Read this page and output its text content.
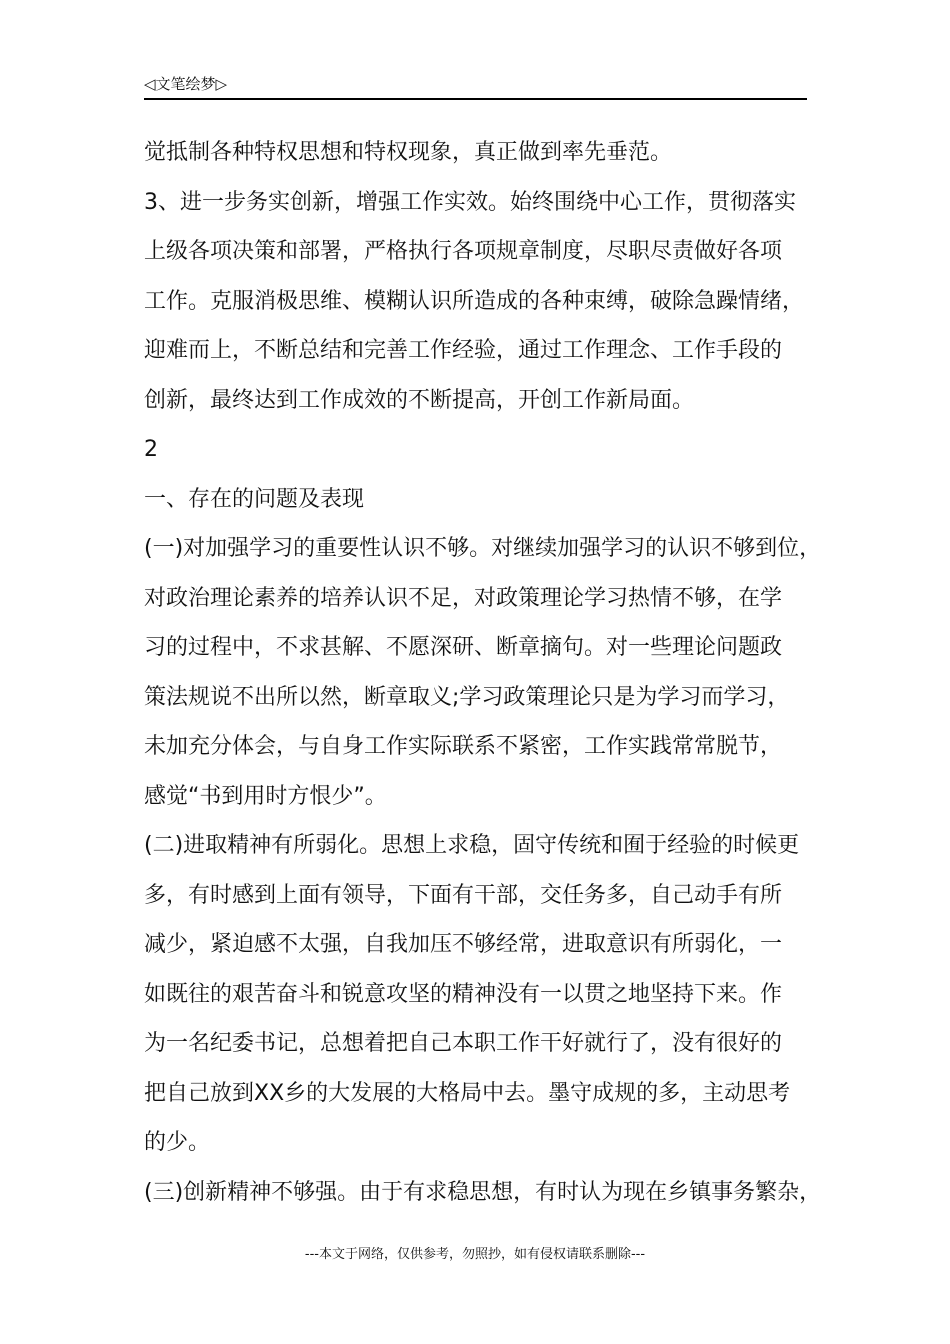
◁文笔绘梦▷
觉抵制各种特权思想和特权现象，真正做到率先垂范。
3、进一步务实创新，增强工作实效。始终围绕中心工作，贯彻落实
上级各项决策和部署，严格执行各项规章制度，尽职尽责做好各项
工作。克服消极思维、模糊认识所造成的各种束缚，破除急躁情绪，
迎难而上，不断总结和完善工作经验，通过工作理念、工作手段的
创新，最终达到工作成效的不断提高，开创工作新局面。
2
一、存在的问题及表现
(一)对加强学习的重要性认识不够。对继续加强学习的认识不够到位，
对政治理论素养的培养认识不足，对政策理论学习热情不够，在学
习的过程中，不求甚解、不愿深研、断章摘句。对一些理论问题政
策法规说不出所以然，断章取义;学习政策理论只是为学习而学习，
未加充分体会，与自身工作实际联系不紧密，工作实践常常脱节，
感觉“书到用时方恨少”。
(二)进取精神有所弱化。思想上求稳，固守传统和囿于经验的时候更
多，有时感到上面有领导，下面有干部，交任务多，自己动手有所
减少，紧迫感不太强，自我加压不够经常，进取意识有所弱化，一
如既往的艰苦奋斗和锐意攻坚的精神没有一以贯之地坚持下来。作
为一名纪委书记，总想着把自己本职工作干好就行了，没有很好的
把自己放到XX乡的大发展的大格局中去。墨守成规的多，主动思考
的少。
(三)创新精神不够强。由于有求稳思想，有时认为现在乡镇事务繁杂，
---本文于网络，仅供参考，勿照抄，如有侵权请联系删除---
